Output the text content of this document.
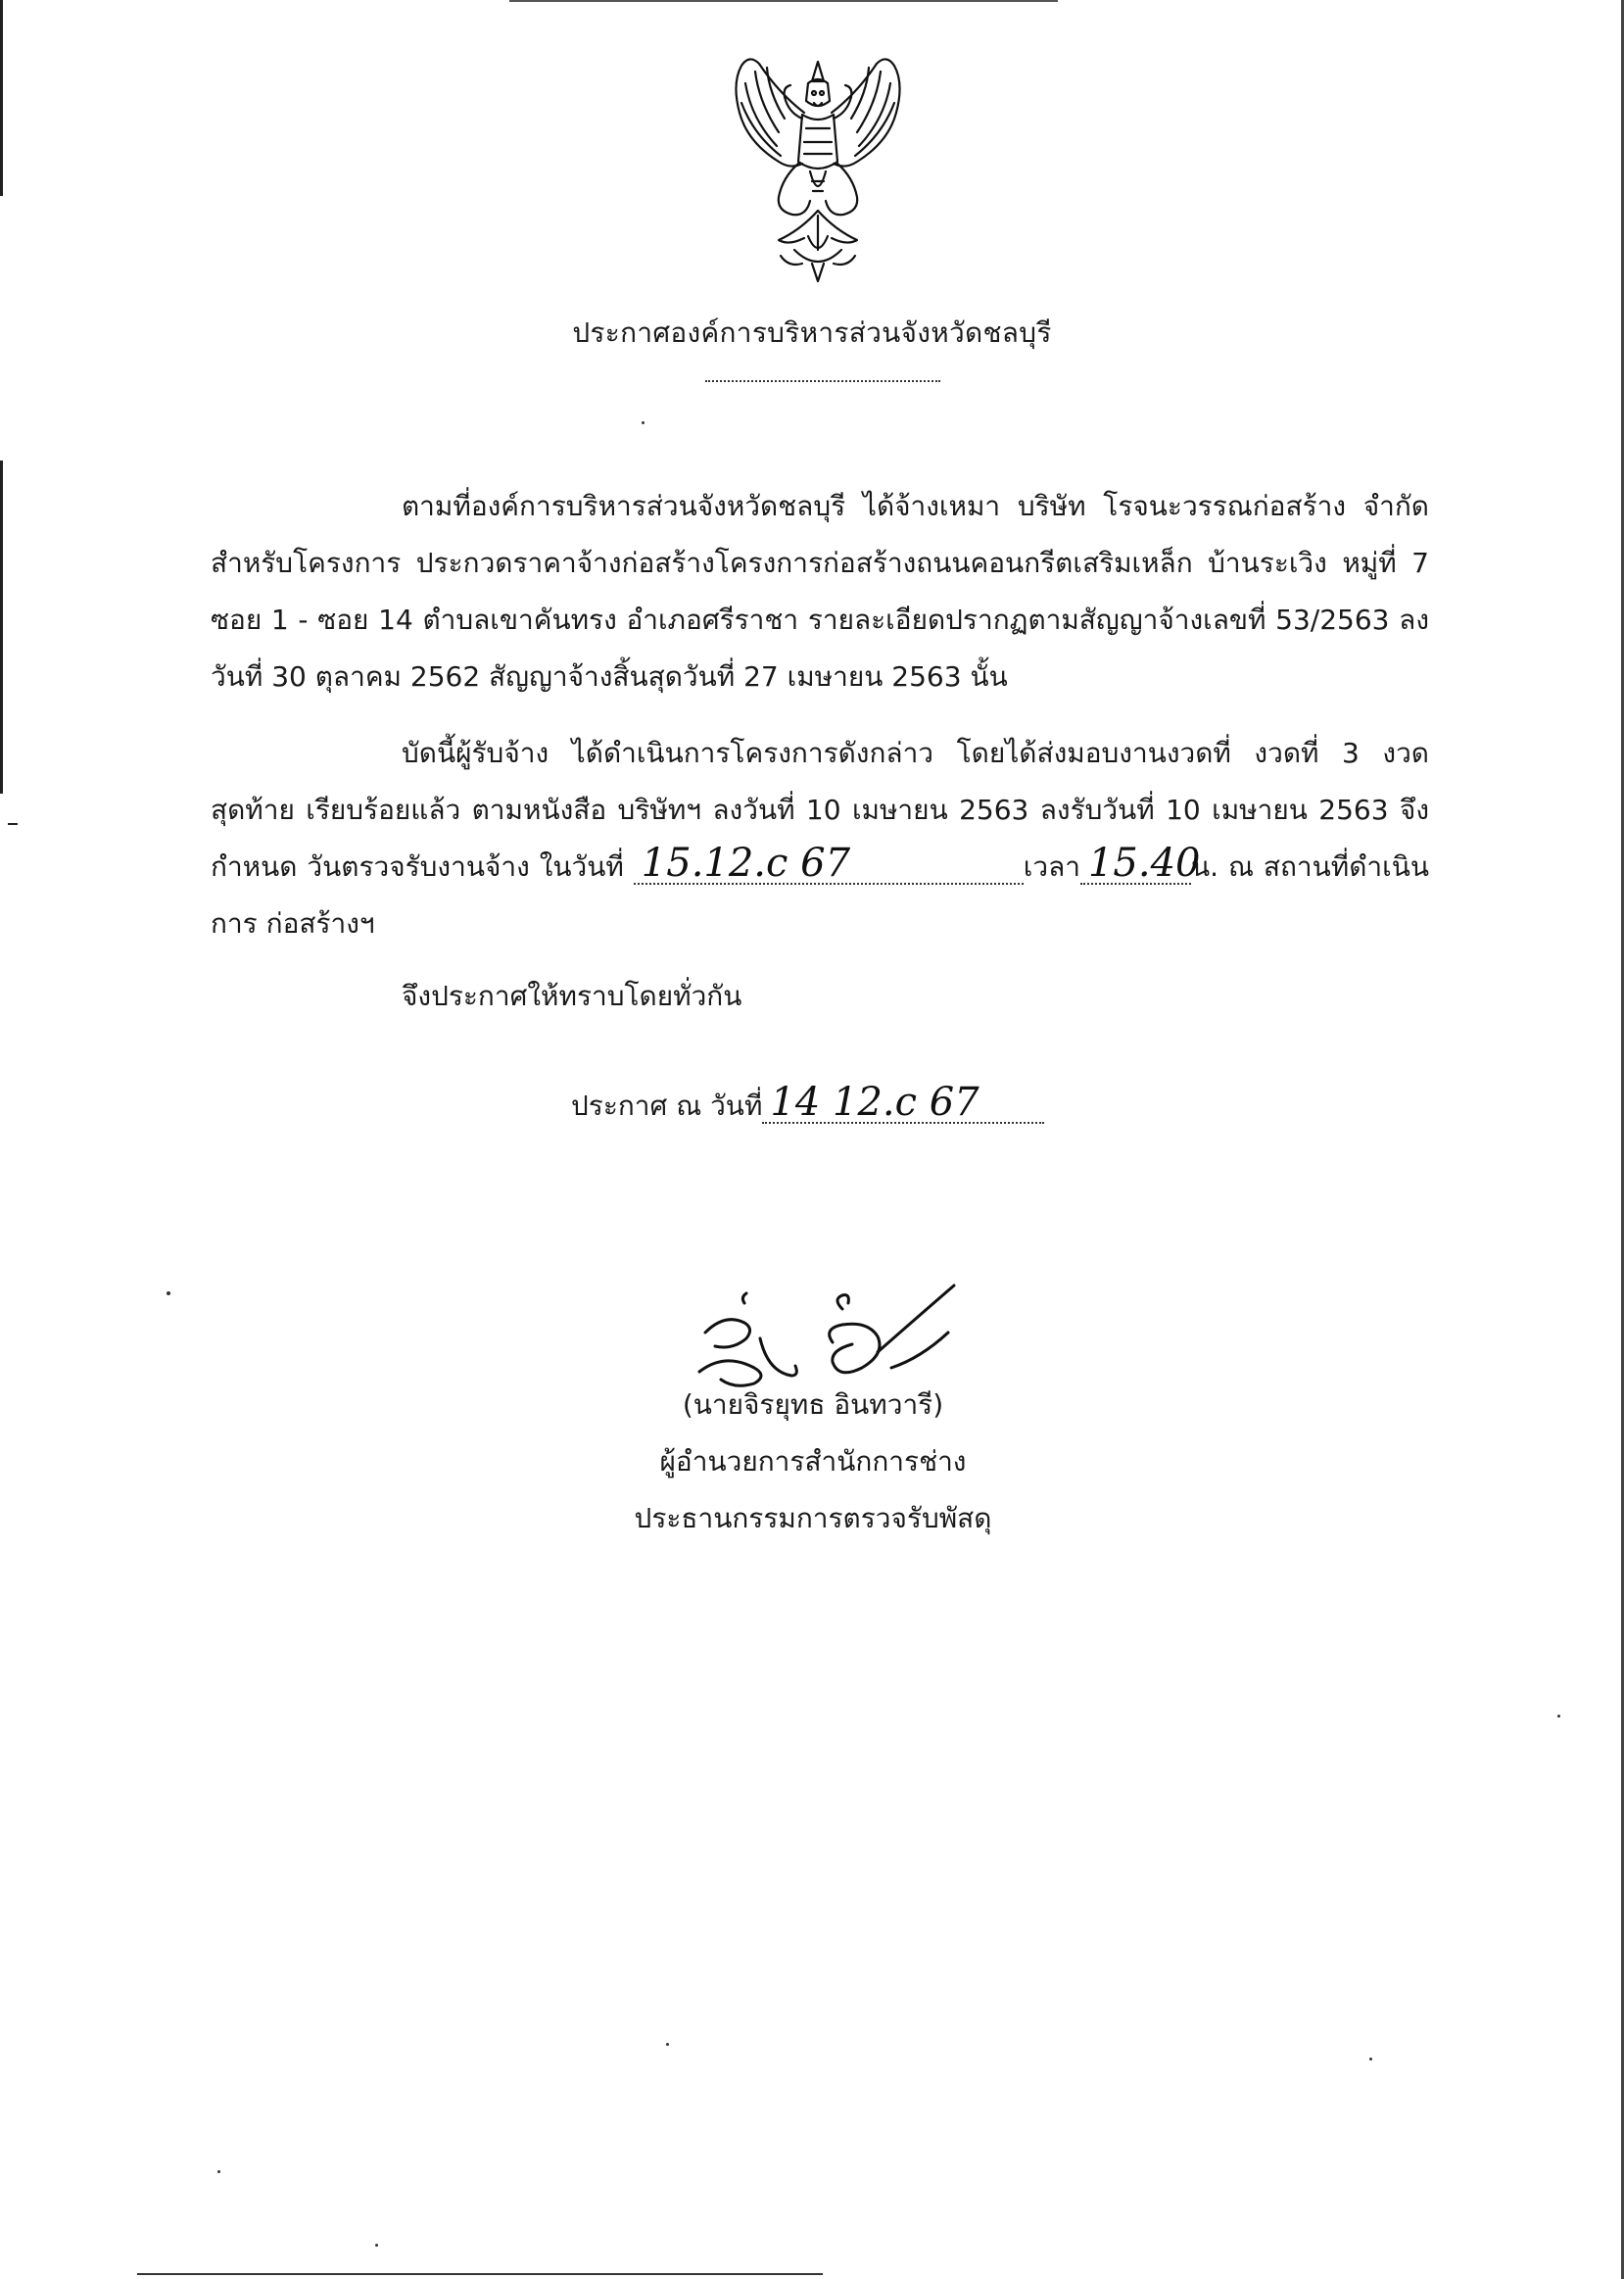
ประกาศองค์การบริหารส่วนจังหวัดชลบุรี
ตามที่องค์การบริหารส่วนจังหวัดชลบุรี ได้จ้างเหมา บริษัท โรจนะวรรณก่อสร้าง จำกัด สำหรับโครงการ ประกวดราคาจ้างก่อสร้างโครงการก่อสร้างถนนคอนกรีตเสริมเหล็ก บ้านระเวิง หมู่ที่ 7 ซอย 1 - ซอย 14 ตำบลเขาคันทรง อำเภอศรีราชา รายละเอียดปรากฏตามสัญญาจ้างเลขที่ 53/2563 ลงวันที่ 30 ตุลาคม 2562 สัญญาจ้างสิ้นสุดวันที่ 27 เมษายน 2563 นั้น
บัดนี้ผู้รับจ้าง ได้ดำเนินการโครงการดังกล่าว โดยได้ส่งมอบงานงวดที่ งวดที่ 3 งวดสุดท้าย เรียบร้อยแล้ว ตามหนังสือ บริษัทฯ ลงวันที่ 10 เมษายน 2563 ลงรับวันที่ 10 เมษายน 2563 จึงกำหนด วันตรวจรับงานจ้าง ในวันที่ 15.12.c 67	เวลา 15.40น. ณ สถานที่ดำเนินการ ก่อสร้างฯ
จึงประกาศให้ทราบโดยทั่วกัน
ประกาศ ณ วันที่ 14 12.c 67
(นายจิรยุทธ อินทวารี)
ผู้อำนวยการสำนักการช่าง
ประธานกรรมการตรวจรับพัสดุ
